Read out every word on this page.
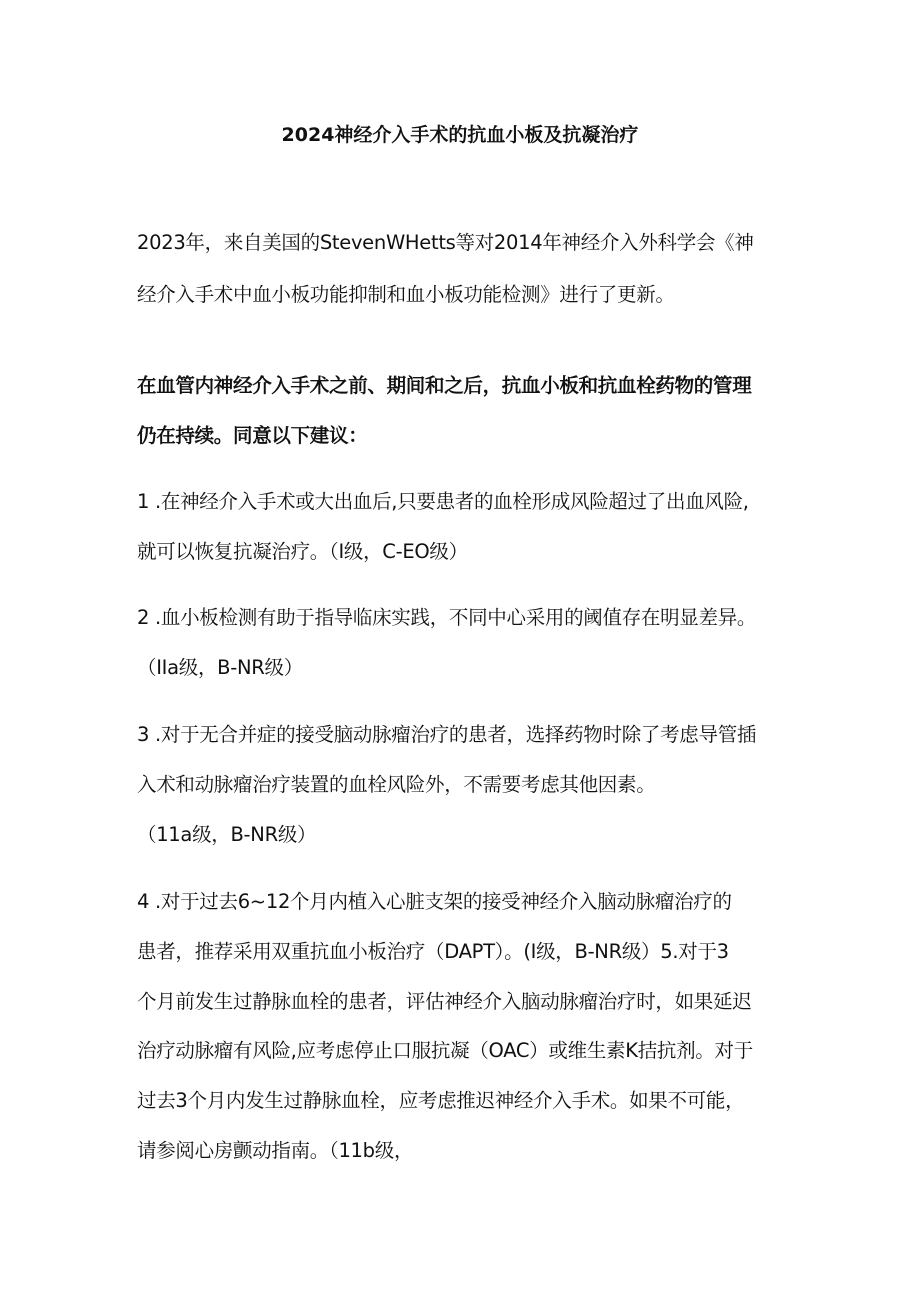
2024神经介入手术的抗血小板及抗凝治疗
2023年，来自美国的StevenWHetts等对2014年神经介入外科学会《神
经介入手术中血小板功能抑制和血小板功能检测》进行了更新。
在血管内神经介入手术之前、期间和之后，抗血小板和抗血栓药物的管理
仍在持续。同意以下建议：
1 .在神经介入手术或大出血后,只要患者的血栓形成风险超过了出血风险,
就可以恢复抗凝治疗。（I级，C-EO级）
2 .血小板检测有助于指导临床实践，不同中心采用的阈值存在明显差异。
（IIa级，B-NR级）
3 .对于无合并症的接受脑动脉瘤治疗的患者，选择药物时除了考虑导管插
入术和动脉瘤治疗装置的血栓风险外，不需要考虑其他因素。
（11a级，B-NR级）
4 .对于过去6~12个月内植入心脏支架的接受神经介入脑动脉瘤治疗的
患者，推荐采用双重抗血小板治疗（DAPT）。(I级，B-NR级）5.对于3
个月前发生过静脉血栓的患者，评估神经介入脑动脉瘤治疗时，如果延迟
治疗动脉瘤有风险,应考虑停止口服抗凝（OAC）或维生素K拮抗剂。对于
过去3个月内发生过静脉血栓，应考虑推迟神经介入手术。如果不可能，
请参阅心房颤动指南。（11b级，
